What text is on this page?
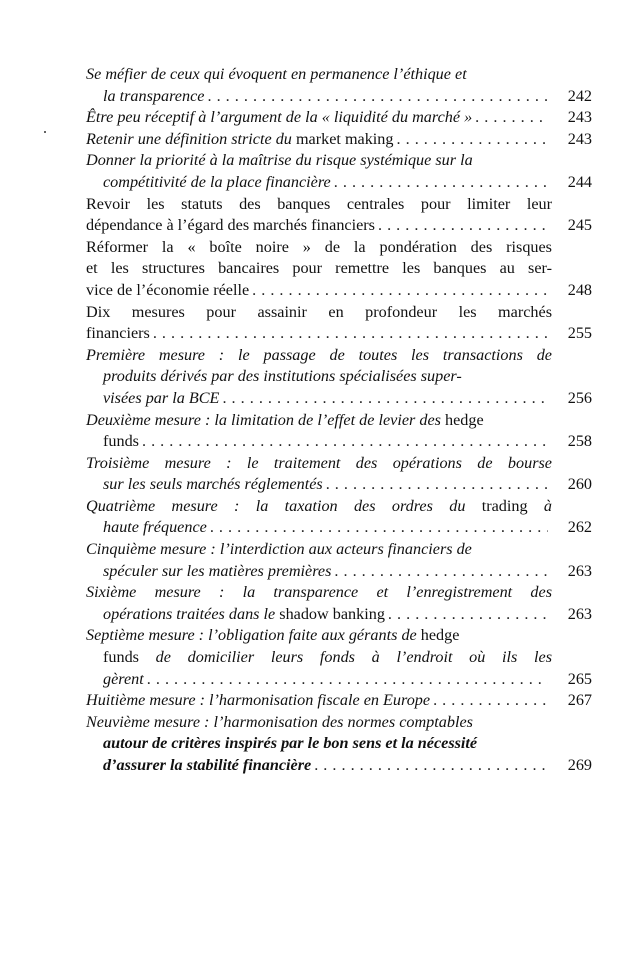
Se méfier de ceux qui évoquent en permanence l’éthique et
la transparence . . .	242
Être peu réceptif à l’argument de la « liquidité du marché » . . .	243
Retenir une définition stricte du market making . . .	243
Donner la priorité à la maîtrise du risque systémique sur la
compétitivité de la place financière . . .	244
Revoir les statuts des banques centrales pour limiter leur
dépendance à l’égard des marchés financiers . . .	245
Réformer la « boîte noire » de la pondération des risques
et les structures bancaires pour remettre les banques au ser-
vice de l’économie réelle . . .	248
Dix mesures pour assainir en profondeur les marchés
financiers . . .	255
Première mesure : le passage de toutes les transactions de
produits dérivés par des institutions spécialisées super-
visées par la BCE . . .	256
Deuxième mesure : la limitation de l’effet de levier des hedge
funds . . .	258
Troisième mesure : le traitement des opérations de bourse
sur les seuls marchés réglementés . . .	260
Quatrième mesure : la taxation des ordres du trading à
haute fréquence . . .	262
Cinquième mesure : l’interdiction aux acteurs financiers de
spéculer sur les matières premières . . .	263
Sixième mesure : la transparence et l’enregistrement des
opérations traitées dans le shadow banking . . .	263
Septième mesure : l’obligation faite aux gérants de hedge
funds de domicilier leurs fonds à l’endroit où ils les
gèrent . . .	265
Huitième mesure : l’harmonisation fiscale en Europe . . .	267
Neuvième mesure : l’harmonisation des normes comptables
autour de critères inspirés par le bon sens et la nécessité
d’assurer la stabilité financière . . .	269
